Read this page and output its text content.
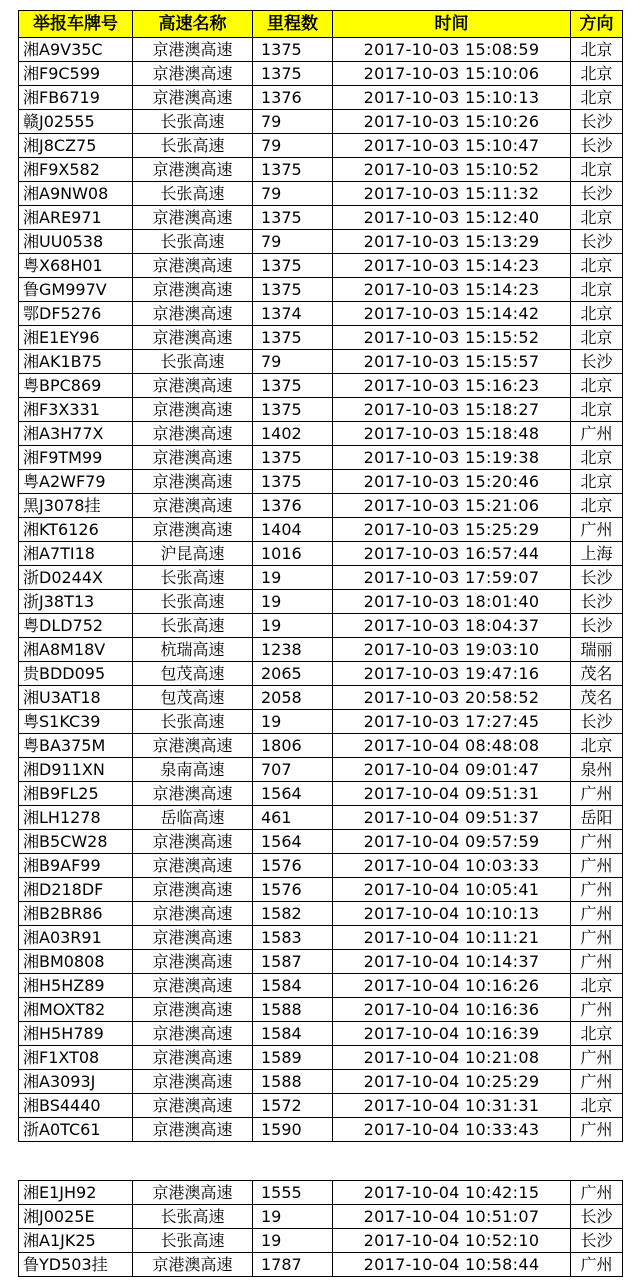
举报车牌号	高速名称	里程数	时间	方向
湘A9V35C	京港澳高速	1375	2017-10-03 15:08:59	北京
湘F9C599	京港澳高速	1375	2017-10-03 15:10:06	北京
湘FB6719	京港澳高速	1376	2017-10-03 15:10:13	北京
赣J02555	长张高速	79	2017-10-03 15:10:26	长沙
湘J8CZ75	长张高速	79	2017-10-03 15:10:47	长沙
湘F9X582	京港澳高速	1375	2017-10-03 15:10:52	北京
湘A9NW08	长张高速	79	2017-10-03 15:11:32	长沙
湘ARE971	京港澳高速	1375	2017-10-03 15:12:40	北京
湘UU0538	长张高速	79	2017-10-03 15:13:29	长沙
粤X68H01	京港澳高速	1375	2017-10-03 15:14:23	北京
鲁GM997V	京港澳高速	1375	2017-10-03 15:14:23	北京
鄂DF5276	京港澳高速	1374	2017-10-03 15:14:42	北京
湘E1EY96	京港澳高速	1375	2017-10-03 15:15:52	北京
湘AK1B75	长张高速	79	2017-10-03 15:15:57	长沙
粤BPC869	京港澳高速	1375	2017-10-03 15:16:23	北京
湘F3X331	京港澳高速	1375	2017-10-03 15:18:27	北京
湘A3H77X	京港澳高速	1402	2017-10-03 15:18:48	广州
湘F9TM99	京港澳高速	1375	2017-10-03 15:19:38	北京
粤A2WF79	京港澳高速	1375	2017-10-03 15:20:46	北京
黑J3078挂	京港澳高速	1376	2017-10-03 15:21:06	北京
湘KT6126	京港澳高速	1404	2017-10-03 15:25:29	广州
湘A7TI18	沪昆高速	1016	2017-10-03 16:57:44	上海
浙D0244X	长张高速	19	2017-10-03 17:59:07	长沙
浙J38T13	长张高速	19	2017-10-03 18:01:40	长沙
粤DLD752	长张高速	19	2017-10-03 18:04:37	长沙
湘A8M18V	杭瑞高速	1238	2017-10-03 19:03:10	瑞丽
贵BDD095	包茂高速	2065	2017-10-03 19:47:16	茂名
湘U3AT18	包茂高速	2058	2017-10-03 20:58:52	茂名
粤S1KC39	长张高速	19	2017-10-03 17:27:45	长沙
粤BA375M	京港澳高速	1806	2017-10-04 08:48:08	北京
湘D911XN	泉南高速	707	2017-10-04 09:01:47	泉州
湘B9FL25	京港澳高速	1564	2017-10-04 09:51:31	广州
湘LH1278	岳临高速	461	2017-10-04 09:51:37	岳阳
湘B5CW28	京港澳高速	1564	2017-10-04 09:57:59	广州
湘B9AF99	京港澳高速	1576	2017-10-04 10:03:33	广州
湘D218DF	京港澳高速	1576	2017-10-04 10:05:41	广州
湘B2BR86	京港澳高速	1582	2017-10-04 10:10:13	广州
湘A03R91	京港澳高速	1583	2017-10-04 10:11:21	广州
湘BM0808	京港澳高速	1587	2017-10-04 10:14:37	广州
湘H5HZ89	京港澳高速	1584	2017-10-04 10:16:26	北京
湘MOXT82	京港澳高速	1588	2017-10-04 10:16:36	广州
湘H5H789	京港澳高速	1584	2017-10-04 10:16:39	北京
湘F1XT08	京港澳高速	1589	2017-10-04 10:21:08	广州
湘A3093J	京港澳高速	1588	2017-10-04 10:25:29	广州
湘BS4440	京港澳高速	1572	2017-10-04 10:31:31	北京
浙A0TC61	京港澳高速	1590	2017-10-04 10:33:43	广州
湘E1JH92	京港澳高速	1555	2017-10-04 10:42:15	广州
湘J0025E	长张高速	19	2017-10-04 10:51:07	长沙
湘A1JK25	长张高速	19	2017-10-04 10:52:10	长沙
鲁YD503挂	京港澳高速	1787	2017-10-04 10:58:44	广州
